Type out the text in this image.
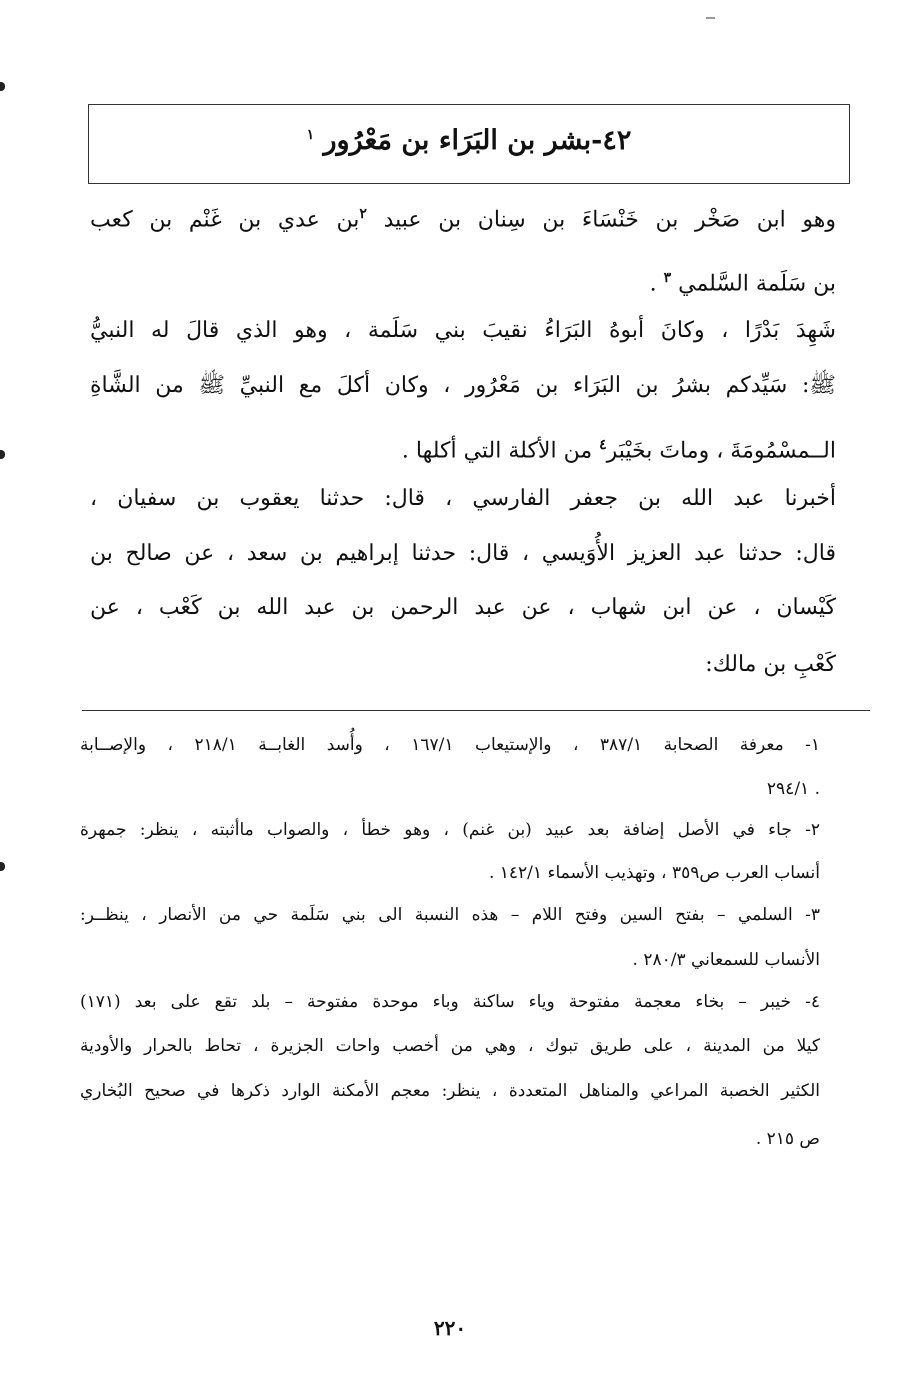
٤٢-بشر بن البَرَاء بن مَعْرُور $^١$
وهو ابن صَخْر بن خَنْسَاءَ بن سِنان بن عبيد $^٢$بن عدي بن غَنْم بن كعب
بن سَلَمة السَّلمي $^٣$ .
شَهِدَ بَدْرًا ، وكانَ أبوهُ البَرَاءُ نقيبَ بني سَلَمة ، وهو الذي قالَ له النبيُّ
ﷺ: سَيِّدكم بشرُ بن البَرَاء بن مَعْرُور ، وكان أكلَ مع النبيِّ ﷺ من الشَّاةِ
الــمسْمُومَةَ ، وماتَ بخَيْبَر$^٤$ من الأكلة التي أكلها .
أخبرنا عبد الله بن جعفر الفارسي ، قال: حدثنا يعقوب بن سفيان ،
قال: حدثنا عبد العزيز الأُوَيسي ، قال: حدثنا إبراهيم بن سعد ، عن صالح بن
كَيْسان ، عن ابن شهاب ، عن عبد الرحمن بن عبد الله بن كَعْب ، عن
كَعْبِ بن مالك:
١- معرفة الصحابة ٣٨٧/١ ، والإستيعاب ١٦٧/١ ، وأُسد الغابــة ٢١٨/١ ، والإصــابة
٢٩٤/١ .
٢- جاء في الأصل إضافة بعد عبيد (بن غنم) ، وهو خطأ ، والصواب ماأثبته ، ينظر: جمهرة
أنساب العرب ص٣٥٩ ، وتهذيب الأسماء ١٤٢/١ .
٣- السلمي – بفتح السين وفتح اللام – هذه النسبة الى بني سَلَمة حي من الأنصار ، ينظــر:
الأنساب للسمعاني ٢٨٠/٣ .
٤- خيبر – بخاء معجمة مفتوحة وياء ساكنة وباء موحدة مفتوحة – بلد تقع على بعد (١٧١)
كيلا من المدينة ، على طريق تبوك ، وهي من أخصب واحات الجزيرة ، تحاط بالحرار والأودية
الكثير الخصبة المراعي والمناهل المتعددة ، ينظر: معجم الأمكنة الوارد ذكرها في صحيح البُخاري
ص ٢١٥ .
٢٢٠
